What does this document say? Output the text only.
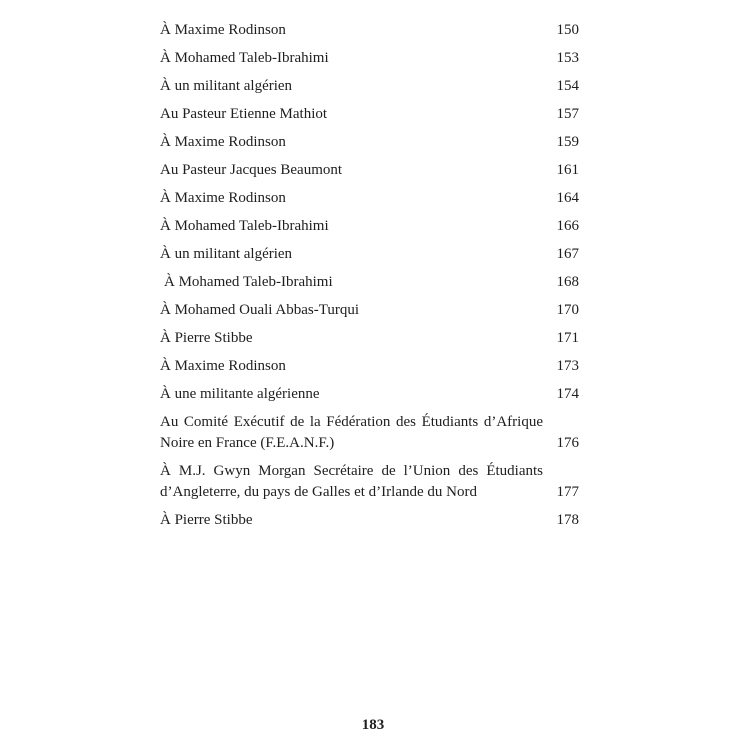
À Maxime Rodinson	150
À Mohamed Taleb-Ibrahimi	153
À un militant algérien	154
Au Pasteur Etienne Mathiot	157
À Maxime Rodinson	159
Au Pasteur Jacques Beaumont	161
À Maxime Rodinson	164
À Mohamed Taleb-Ibrahimi	166
À un militant algérien	167
À Mohamed Taleb-Ibrahimi	168
À Mohamed Ouali Abbas-Turqui	170
À Pierre Stibbe	171
À Maxime Rodinson	173
À une militante algérienne	174
Au Comité Exécutif de la Fédération des Étudiants d’Afrique Noire en France (F.E.A.N.F.)	176
À M.J. Gwyn Morgan Secrétaire de l’Union des Étudiants d’Angleterre, du pays de Galles et d’Irlande du Nord	177
À Pierre Stibbe	178
183
